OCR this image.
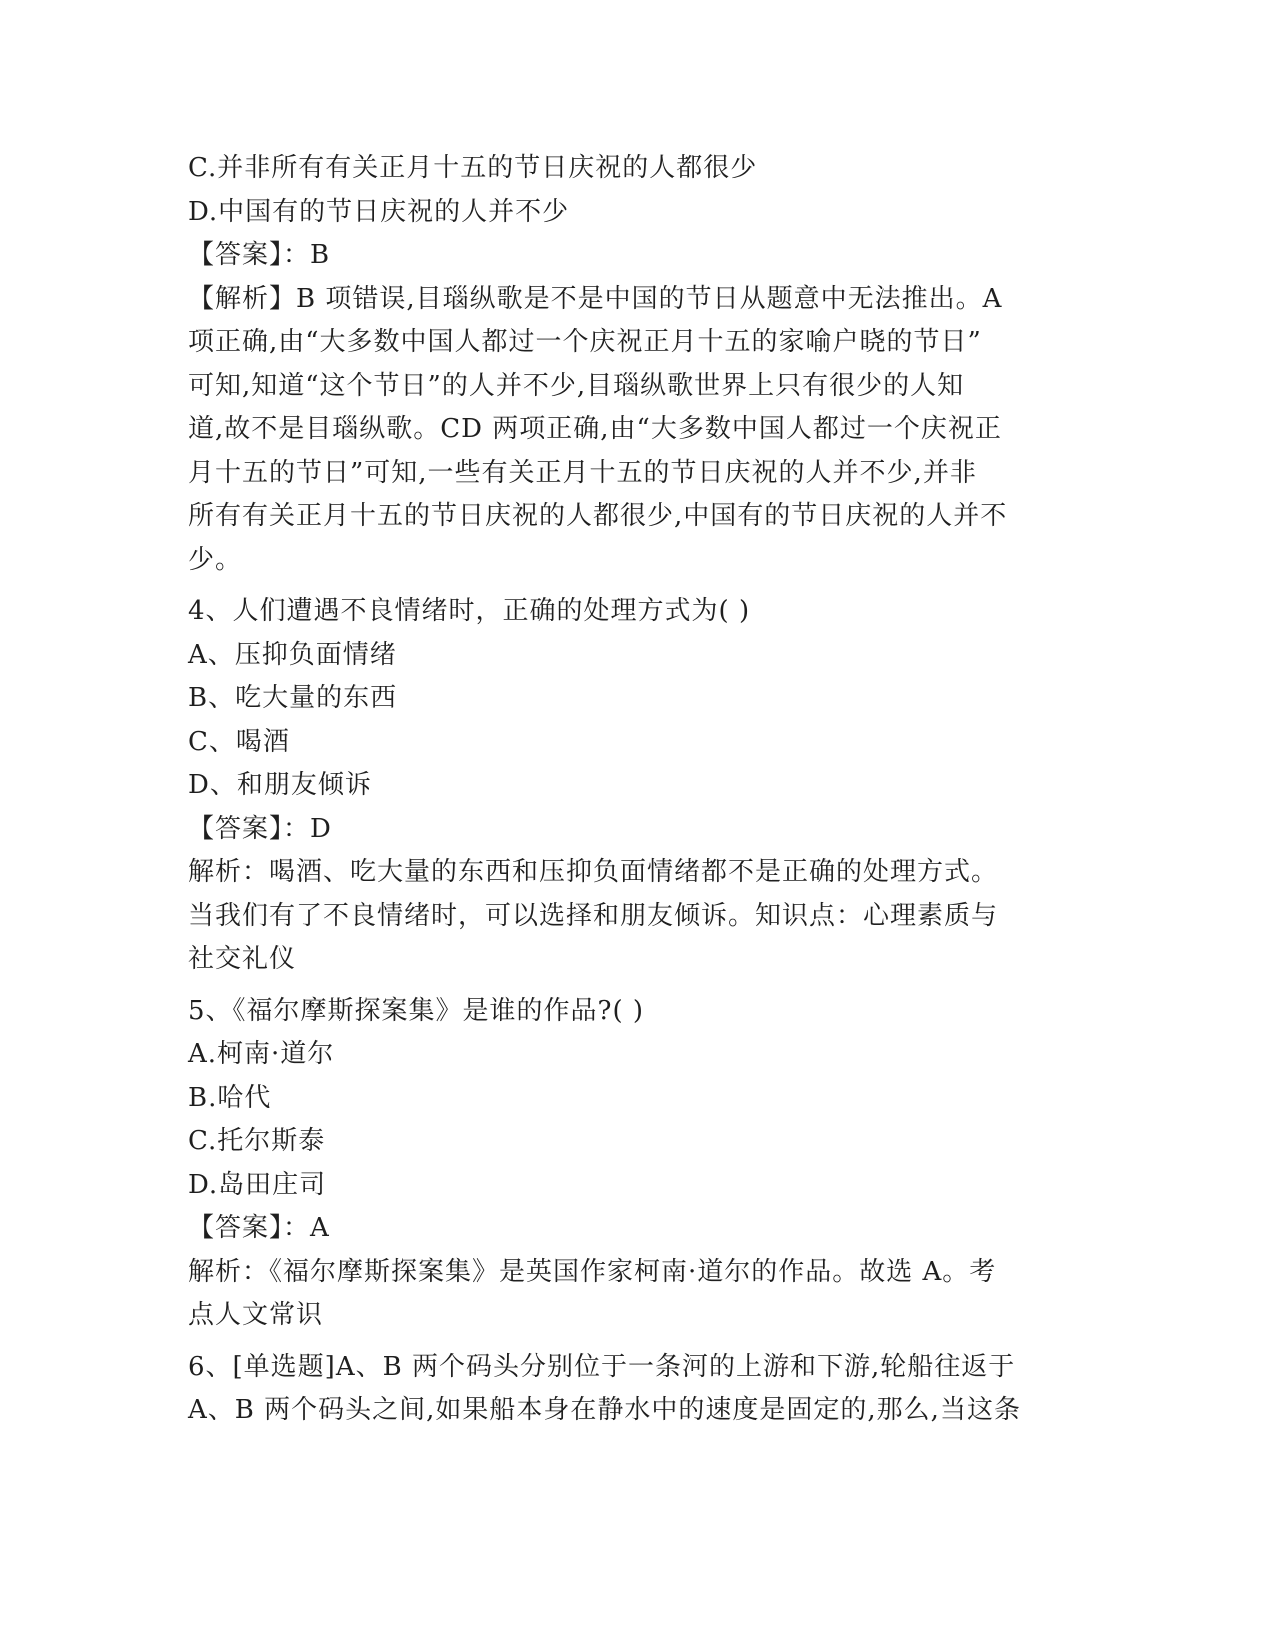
C.并非所有有关正月十五的节日庆祝的人都很少

D.中国有的节日庆祝的人并不少

【答案】：B

【解析】B 项错误,目瑙纵歌是不是中国的节日从题意中无法推出。A

项正确,由“大多数中国人都过一个庆祝正月十五的家喻户晓的节日”

可知,知道“这个节日”的人并不少,目瑙纵歌世界上只有很少的人知

道,故不是目瑙纵歌。CD 两项正确,由“大多数中国人都过一个庆祝正

月十五的节日”可知,一些有关正月十五的节日庆祝的人并不少,并非

所有有关正月十五的节日庆祝的人都很少,中国有的节日庆祝的人并不

少。

4、人们遭遇不良情绪时，正确的处理方式为( )

A、压抑负面情绪

B、吃大量的东西

C、喝酒

D、和朋友倾诉

【答案】：D

解析：喝酒、吃大量的东西和压抑负面情绪都不是正确的处理方式。

当我们有了不良情绪时，可以选择和朋友倾诉。知识点：心理素质与

社交礼仪

5、《福尔摩斯探案集》是谁的作品?( )

A.柯南·道尔

B.哈代

C.托尔斯泰

D.岛田庄司

【答案】：A

解析：《福尔摩斯探案集》是英国作家柯南·道尔的作品。故选 A。考

点人文常识

6、[单选题]A、B 两个码头分别位于一条河的上游和下游,轮船往返于

A、B 两个码头之间,如果船本身在静水中的速度是固定的,那么,当这条
